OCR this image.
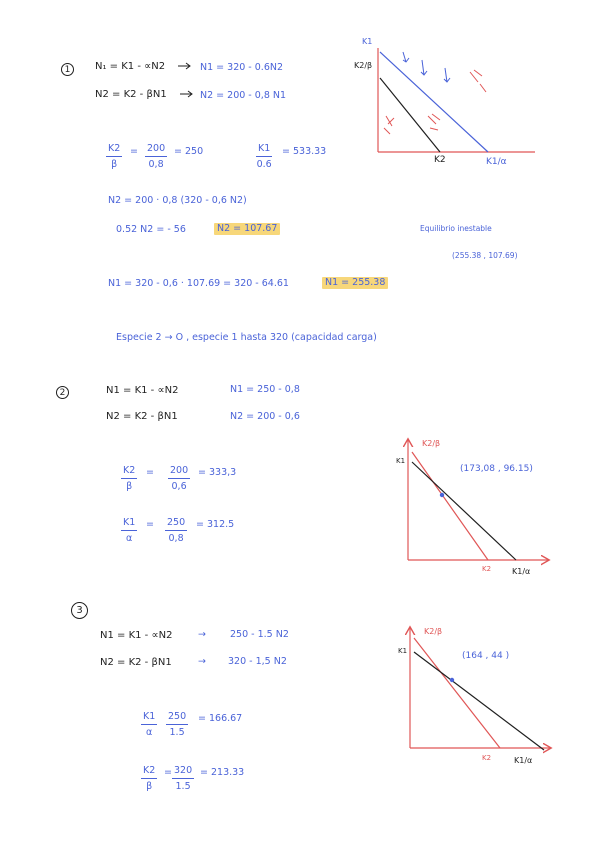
1 N₁ = K1 - ∝N2	N1 = 320 - 0.6N2
N2 = K2 - βN1	N2 = 200 - 0,8 N1
$\frac{K2}{\beta} = \frac{200}{0,8} = 250$	$\frac{K1}{0.6} = 533.33$
N2 = 200 · 0,8 (320 - 0,6 N2)
0.52 N2 = - 56	N2 = 107.67	Equilibrio inestable
(255.38 , 107.69)
N1 = 320 - 0,6 · 107.69 = 320 - 64.61	N1 = 255.38
Especie 2 → O , especie 1 hasta 320 (capacidad carga)
K1
K2/β
K2	K1/α
2	N1 = K1 - ∝N2	N1 = 250 - 0,8
N2 = K2 - βN1	N2 = 200 - 0,6
$\frac{K2}{\beta} = \frac{200}{0,6} = 333,3$
$\frac{K1}{\alpha} = \frac{250}{0,8} = 312.5$
(173,08 , 96.15)
K1
K2/β
K2	K1/α
3
N1 = K1 - ∝N2	→	250 - 1.5 N2
N2 = K2 - βN1	→ 320 - 1,5 N2
$\frac{K1}{\alpha} \frac{250}{1.5} = 166.67$
$\frac{K2}{\beta} = \frac{320}{1.5} = 213.33$
(164 , 44 )
K1
K2/β
K2	K1/α
